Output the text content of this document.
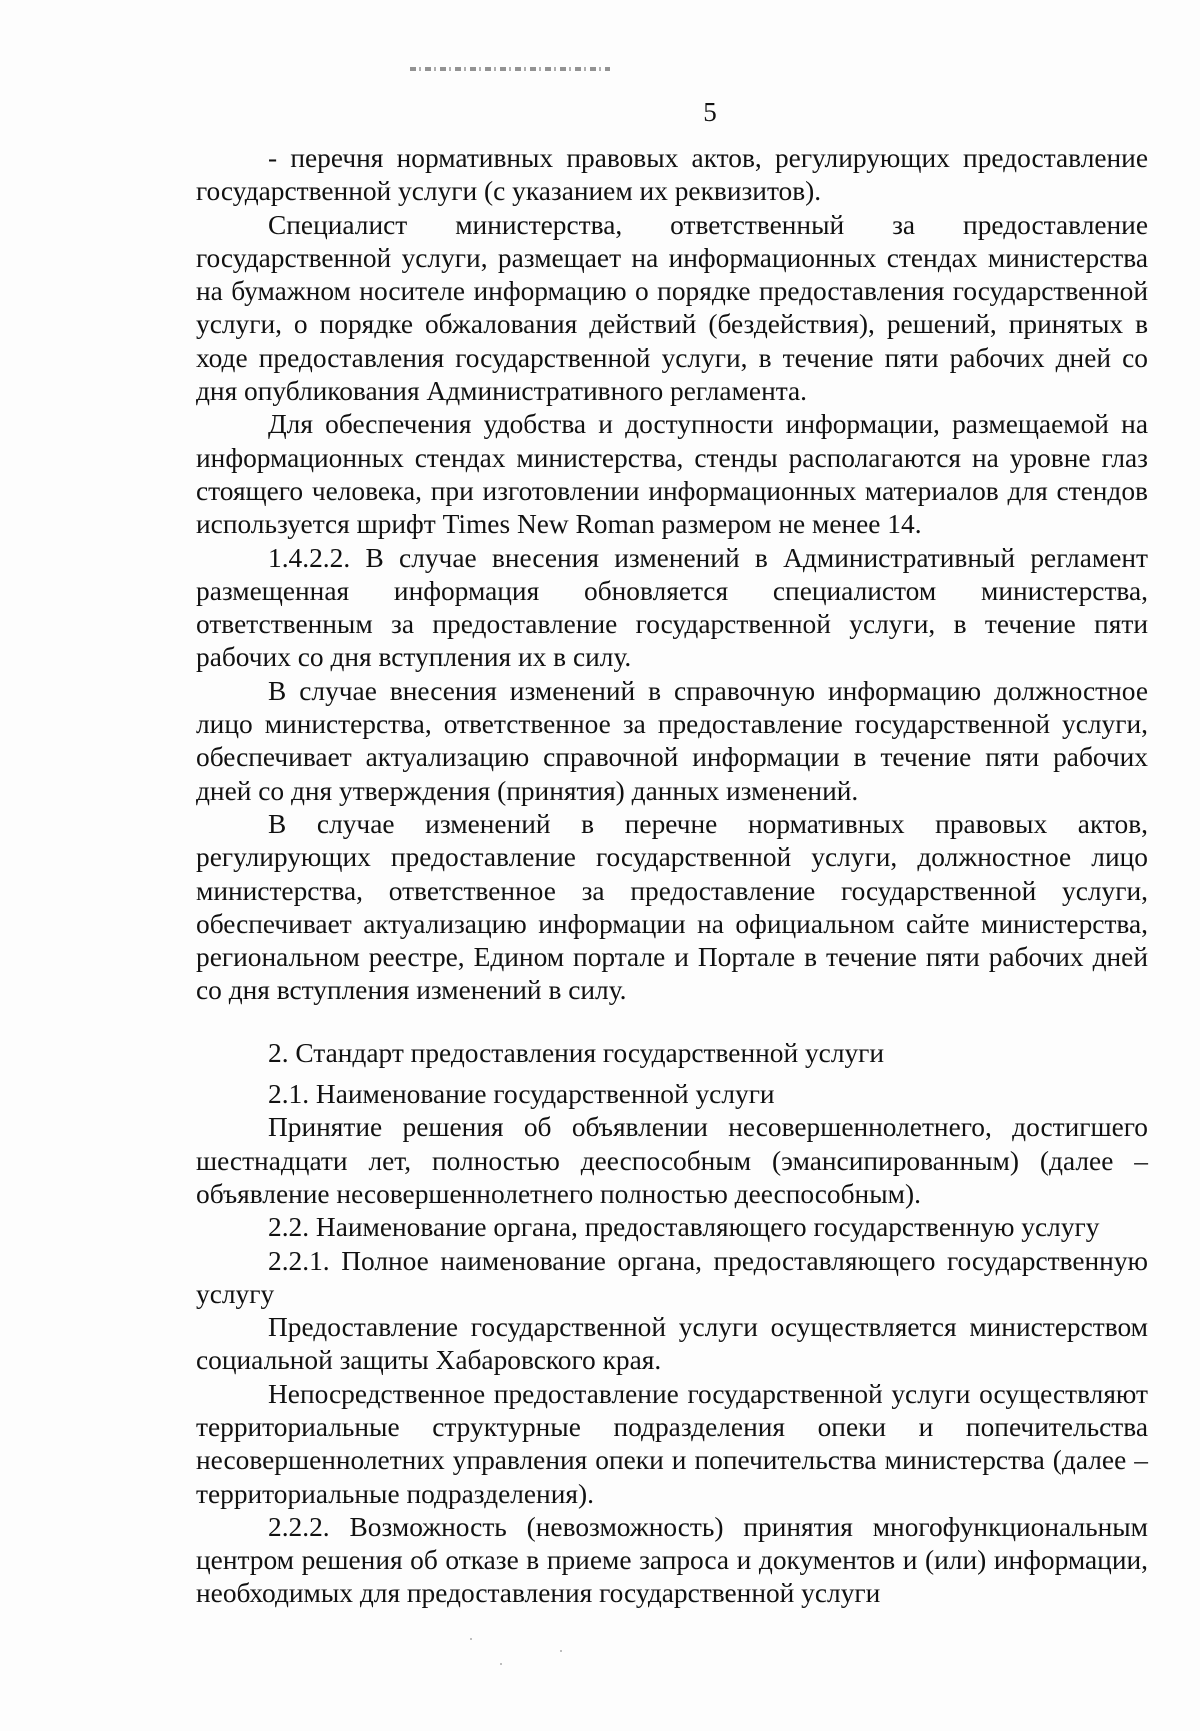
5

- перечня нормативных правовых актов, регулирующих предоставление государственной услуги (с указанием их реквизитов).

Специалист министерства, ответственный за предоставление государственной услуги, размещает на информационных стендах министерства на бумажном носителе информацию о порядке предоставления государственной услуги, о порядке обжалования действий (бездействия), решений, принятых в ходе предоставления государственной услуги, в течение пяти рабочих дней со дня опубликования Административного регламента.

Для обеспечения удобства и доступности информации, размещаемой на информационных стендах министерства, стенды располагаются на уровне глаз стоящего человека, при изготовлении информационных материалов для стендов используется шрифт Times New Roman размером не менее 14.

1.4.2.2. В случае внесения изменений в Административный регламент размещенная информация обновляется специалистом министерства, ответственным за предоставление государственной услуги, в течение пяти рабочих со дня вступления их в силу.

В случае внесения изменений в справочную информацию должностное лицо министерства, ответственное за предоставление государственной услуги, обеспечивает актуализацию справочной информации в течение пяти рабочих дней со дня утверждения (принятия) данных изменений.

В случае изменений в перечне нормативных правовых актов, регулирующих предоставление государственной услуги, должностное лицо министерства, ответственное за предоставление государственной услуги, обеспечивает актуализацию информации на официальном сайте министерства, региональном реестре, Едином портале и Портале в течение пяти рабочих дней со дня вступления изменений в силу.

2. Стандарт предоставления государственной услуги

2.1. Наименование государственной услуги

Принятие решения об объявлении несовершеннолетнего, достигшего шестнадцати лет, полностью дееспособным (эмансипированным) (далее – объявление несовершеннолетнего полностью дееспособным).

2.2. Наименование органа, предоставляющего государственную услугу

2.2.1. Полное наименование органа, предоставляющего государственную услугу

Предоставление государственной услуги осуществляется министерством социальной защиты Хабаровского края.

Непосредственное предоставление государственной услуги осуществляют территориальные структурные подразделения опеки и попечительства несовершеннолетних управления опеки и попечительства министерства (далее – территориальные подразделения).

2.2.2. Возможность (невозможность) принятия многофункциональным центром решения об отказе в приеме запроса и документов и (или) информации, необходимых для предоставления государственной услуги
